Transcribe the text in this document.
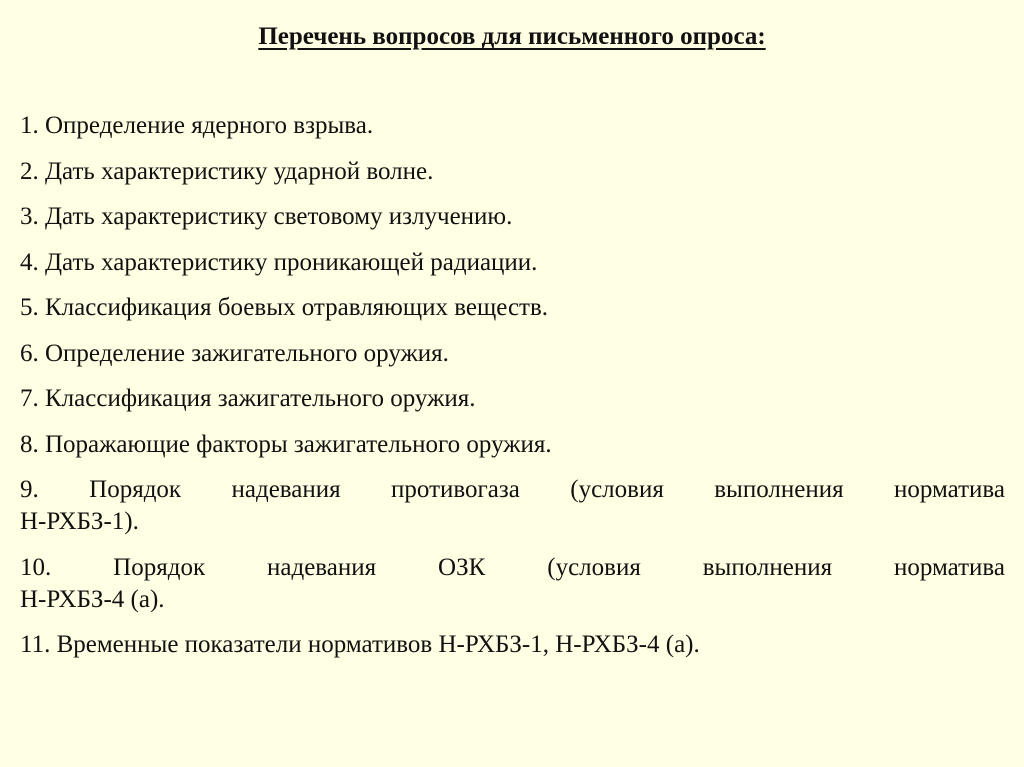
Перечень вопросов для письменного опроса:
1. Определение ядерного взрыва.
2. Дать характеристику ударной волне.
3. Дать характеристику световому излучению.
4. Дать характеристику проникающей радиации.
5. Классификация боевых отравляющих веществ.
6. Определение зажигательного оружия.
7. Классификация зажигательного оружия.
8. Поражающие факторы зажигательного оружия.
9. Порядок надевания противогаза (условия выполнения норматива
Н-РХБЗ-1).
10. Порядок надевания ОЗК (условия выполнения норматива
Н-РХБЗ-4 (а).
11. Временные показатели нормативов Н-РХБЗ-1, Н-РХБЗ-4 (а).
